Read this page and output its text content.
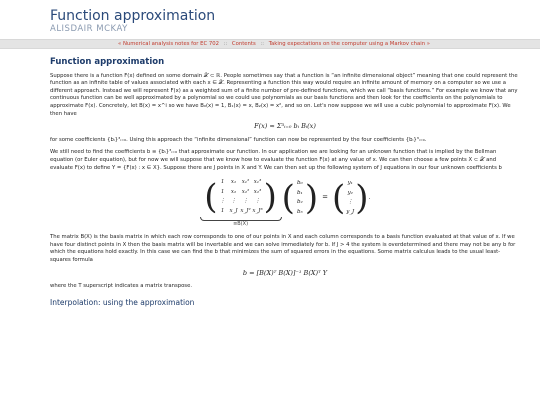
Function approximation
ALISDAIR MCKAY
« Numerical analysis notes for EC 702 :: Contents :: Taking expectations on the computer using a Markov chain »
Function approximation

Suppose there is a function F(x) defined on some domain 𝒳 ⊂ ℝ. People sometimes say that a function is “an infinite dimensional object” meaning that one could represent the function as an infinite table of values associated with each x ∈ 𝒳. Representing a function this way would require an infinite amount of memory on a computer so we use a different approach. Instead we will represent F(x) as a weighted sum of a finite number of pre-defined functions, which we call “basis functions.” For example we know that any continuous function can be well approximated by a polynomial so we could use polynomials as our basis functions and then look for the coefficients on the polynomials to approximate F(x). Concretely, let B(x) = x^i so we have B₀(x) = 1, B₁(x) = x, B₂(x) = x², and so on. Let's now suppose we will use a cubic polynomial to approximate F(x). We then have

F(x) ≈ Σ³ᵢ₌₀ bᵢ Bᵢ(x)

for some coefficients {bᵢ}³ᵢ₌₀. Using this approach the “infinite dimensional” function can now be represented by the four coefficients {bᵢ}³ᵢ₌₀.

We still need to find the coefficients b ≡ {bᵢ}³ᵢ₌₀ that approximate our function. In our application we are looking for an unknown function that is implied by the Bellman equation (or Euler equation), but for now we will suppose that we know how to evaluate the function F(x) at any value of x. We can then choose a few points X ⊂ 𝒳 and evaluate F(x) to define Y = {F(x) : x ∈ X}. Suppose there are J points in X and Y. We can then set up the following system of J equations in our four unknown coefficients b

( 1	x₁	x₁² x₁³
1	x₂	x₂² x₂³
⋮	⋮	⋮	⋮
1 x_J x_J² x_J³ )
≡B(X)
( b₀
b₁
b₂
b₃ ) = ( y₁
y₂
⋮
y_J ) .

The matrix B(X) is the basis matrix in which each row corresponds to one of our points in X and each column corresponds to a basis function evaluated at that value of x. If we have four distinct points in X then the basis matrix will be invertable and we can solve immediately for b. If J > 4 the system is overdetermined and there may not be any b for which the equations hold exactly. In this case we can find the b that minimizes the sum of squared errors in the equations. Some matrix calculus leads to the usual least-squares formula

b = [B(X)ᵀ B(X)]⁻¹ B(X)ᵀ Y

where the T superscript indicates a matrix transpose.

Interpolation: using the approximation
